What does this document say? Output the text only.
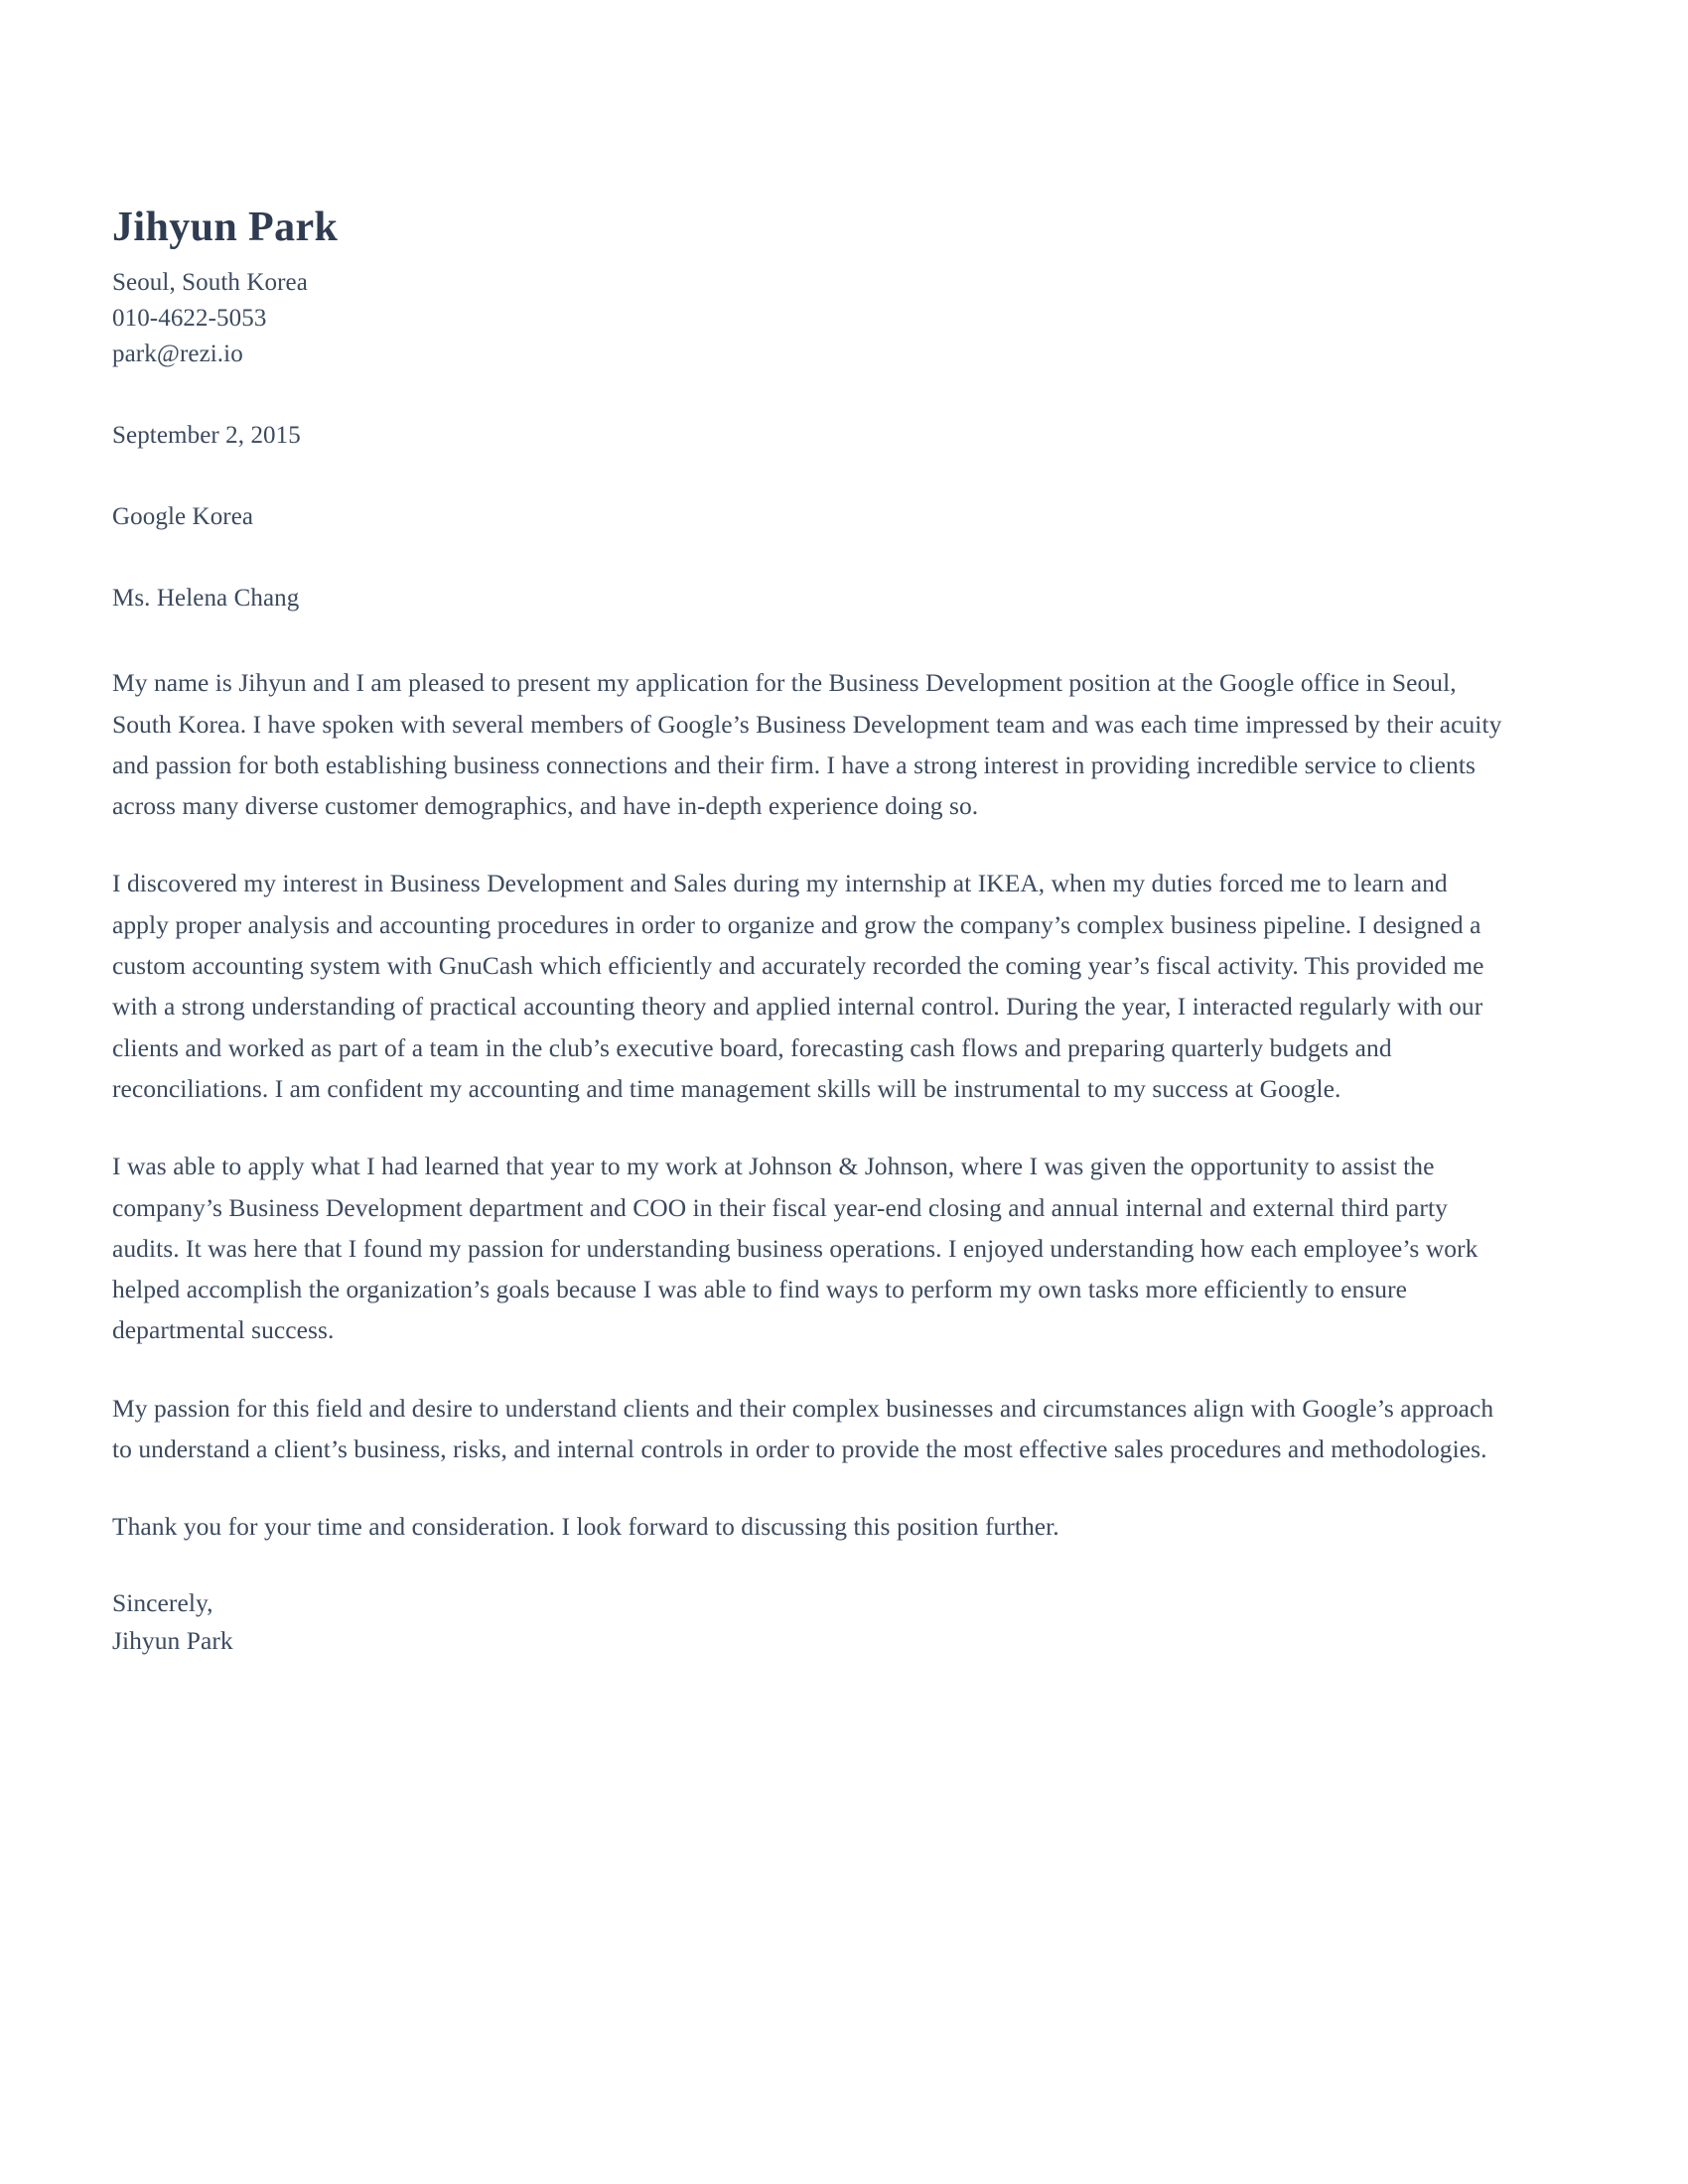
Jihyun Park

Seoul, South Korea

010-4622-5053

park@rezi.io

September 2, 2015

Google Korea

Ms. Helena Chang

My name is Jihyun and I am pleased to present my application for the Business Development position at the Google office in Seoul, South Korea. I have spoken with several members of Google’s Business Development team and was each time impressed by their acuity and passion for both establishing business connections and their firm. I have a strong interest in providing incredible service to clients across many diverse customer demographics, and have in-depth experience doing so.

I discovered my interest in Business Development and Sales during my internship at IKEA, when my duties forced me to learn and apply proper analysis and accounting procedures in order to organize and grow the company’s complex business pipeline. I designed a custom accounting system with GnuCash which efficiently and accurately recorded the coming year’s fiscal activity. This provided me with a strong understanding of practical accounting theory and applied internal control. During the year, I interacted regularly with our clients and worked as part of a team in the club’s executive board, forecasting cash flows and preparing quarterly budgets and reconciliations. I am confident my accounting and time management skills will be instrumental to my success at Google.

I was able to apply what I had learned that year to my work at Johnson & Johnson, where I was given the opportunity to assist the company’s Business Development department and COO in their fiscal year-end closing and annual internal and external third party audits. It was here that I found my passion for understanding business operations. I enjoyed understanding how each employee’s work helped accomplish the organization’s goals because I was able to find ways to perform my own tasks more efficiently to ensure departmental success.

My passion for this field and desire to understand clients and their complex businesses and circumstances align with Google’s approach to understand a client’s business, risks, and internal controls in order to provide the most effective sales procedures and methodologies.

Thank you for your time and consideration. I look forward to discussing this position further.

Sincerely,

Jihyun Park
